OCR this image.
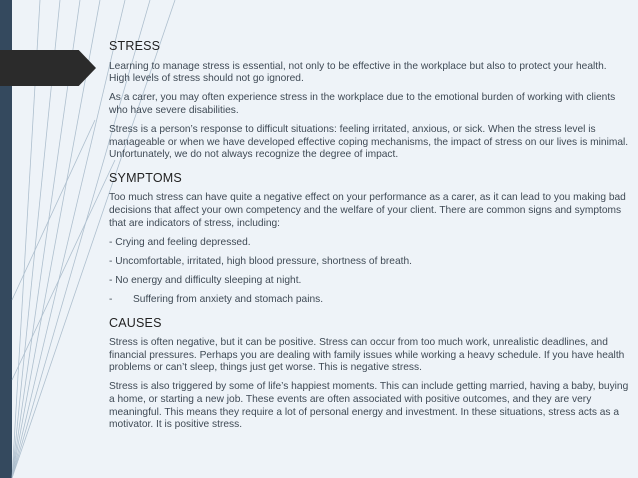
STRESS

Learning to manage stress is essential, not only to be effective in the workplace but also to protect your health. High levels of stress should not go ignored.

As a carer, you may often experience stress in the workplace due to the emotional burden of working with clients who have severe disabilities.

Stress is a person’s response to difficult situations: feeling irritated, anxious, or sick. When the stress level is manageable or when we have developed effective coping mechanisms, the impact of stress on our lives is minimal. Unfortunately, we do not always recognize the degree of impact.

SYMPTOMS

Too much stress can have quite a negative effect on your performance as a carer, as it can lead to you making bad decisions that affect your own competency and the welfare of your client. There are common signs and symptoms that are indicators of stress, including:

- Crying and feeling depressed.

- Uncomfortable, irritated, high blood pressure, shortness of breath.

- No energy and difficulty sleeping at night.

- Suffering from anxiety and stomach pains.

CAUSES

Stress is often negative, but it can be positive. Stress can occur from too much work, unrealistic deadlines, and financial pressures. Perhaps you are dealing with family issues while working a heavy schedule. If you have health problems or can’t sleep, things just get worse. This is negative stress.

Stress is also triggered by some of life’s happiest moments. This can include getting married, having a baby, buying a home, or starting a new job. These events are often associated with positive outcomes, and they are very meaningful. This means they require a lot of personal energy and investment. In these situations, stress acts as a motivator. It is positive stress.
